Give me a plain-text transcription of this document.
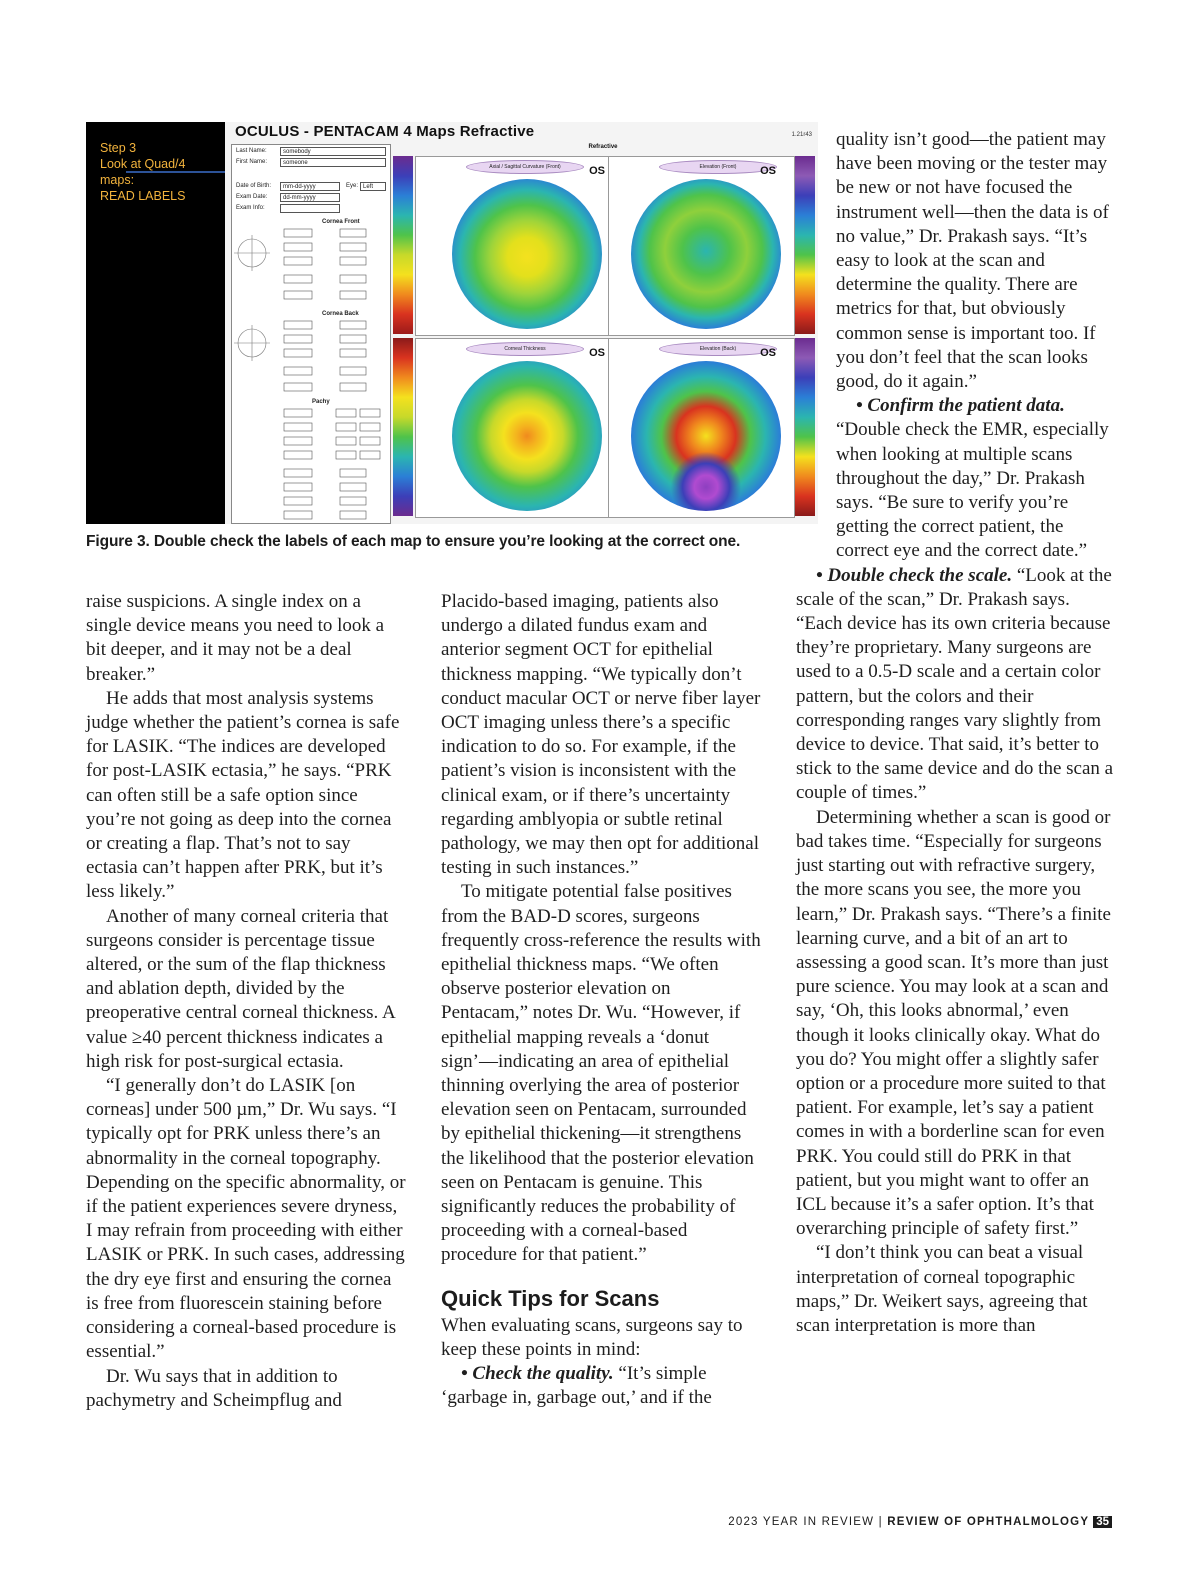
Step 3
Look at Quad/4
maps:
READ LABELS
OCULUS - PENTACAM 4 Maps Refractive	1.21r43
Last Name:	somebody
First Name:	someone
Date of Birth:	mm-dd-yyyy	Eye: Left
Exam Date:	dd-mm-yyyy
Exam Info:
Cornea Front
Cornea Back
Pachy
Refractive
Axial / Sagittal Curvature (Front)	OS	Elevation (Front)	OS
Corneal Thickness	OS	Elevation (Back)	OS
Figure 3. Double check the labels of each map to ensure you’re looking at the correct one.

raise suspicions. A single index on a single device means you need to look a bit deeper, and it may not be a deal breaker.”

He adds that most analysis systems judge whether the patient’s cornea is safe for LASIK. “The indices are developed for post-LASIK ectasia,” he says. “PRK can often still be a safe option since you’re not going as deep into the cornea or creating a flap. That’s not to say ectasia can’t happen after PRK, but it’s less likely.”

Another of many corneal criteria that surgeons consider is percentage tissue altered, or the sum of the flap thickness and ablation depth, divided by the preoperative central corneal thickness. A value ≥40 percent thickness indicates a high risk for post-surgical ectasia.

“I generally don’t do LASIK [on corneas] under 500 µm,” Dr. Wu says. “I typically opt for PRK unless there’s an abnormality in the corneal topography. Depending on the specific abnormality, or if the patient experiences severe dryness, I may refrain from proceeding with either LASIK or PRK. In such cases, addressing the dry eye first and ensuring the cornea is free from fluorescein staining before considering a corneal-based procedure is essential.”

Dr. Wu says that in addition to pachymetry and Scheimpflug and

Placido-based imaging, patients also undergo a dilated fundus exam and anterior segment OCT for epithelial thickness mapping. “We typically don’t conduct macular OCT or nerve fiber layer OCT imaging unless there’s a specific indication to do so. For example, if the patient’s vision is inconsistent with the clinical exam, or if there’s uncertainty regarding amblyopia or subtle retinal pathology, we may then opt for additional testing in such instances.”

To mitigate potential false positives from the BAD-D scores, surgeons frequently cross-reference the results with epithelial thickness maps. “We often observe posterior elevation on Pentacam,” notes Dr. Wu. “However, if epithelial mapping reveals a ‘donut sign’—indicating an area of epithelial thinning overlying the area of posterior elevation seen on Pentacam, surrounded by epithelial thickening—it strengthens the likelihood that the posterior elevation seen on Pentacam is genuine. This significantly reduces the probability of proceeding with a corneal-based procedure for that patient.”

Quick Tips for Scans

When evaluating scans, surgeons say to keep these points in mind:

• Check the quality. “It’s simple ‘garbage in, garbage out,’ and if the

quality isn’t good—the patient may have been moving or the tester may be new or not have focused the instrument well—then the data is of no value,” Dr. Prakash says. “It’s easy to look at the scan and determine the quality. There are metrics for that, but obviously common sense is important too. If you don’t feel that the scan looks good, do it again.”

• Confirm the patient data. “Double check the EMR, especially when looking at multiple scans throughout the day,” Dr. Prakash says. “Be sure to verify you’re getting the correct patient, the correct eye and the correct date.”

• Double check the scale. “Look at the scale of the scan,” Dr. Prakash says. “Each device has its own criteria because they’re proprietary. Many surgeons are used to a 0.5-D scale and a certain color pattern, but the colors and their corresponding ranges vary slightly from device to device. That said, it’s better to stick to the same device and do the scan a couple of times.”

Determining whether a scan is good or bad takes time. “Especially for surgeons just starting out with refractive surgery, the more scans you see, the more you learn,” Dr. Prakash says. “There’s a finite learning curve, and a bit of an art to assessing a good scan. It’s more than just pure science. You may look at a scan and say, ‘Oh, this looks abnormal,’ even though it looks clinically okay. What do you do? You might offer a slightly safer option or a procedure more suited to that patient. For example, let’s say a patient comes in with a borderline scan for even PRK. You could still do PRK in that patient, but you might want to offer an ICL because it’s a safer option. It’s that overarching principle of safety first.”

“I don’t think you can beat a visual interpretation of corneal topographic maps,” Dr. Weikert says, agreeing that scan interpretation is more than

2023 YEAR IN REVIEW | REVIEW OF OPHTHALMOLOGY 35
